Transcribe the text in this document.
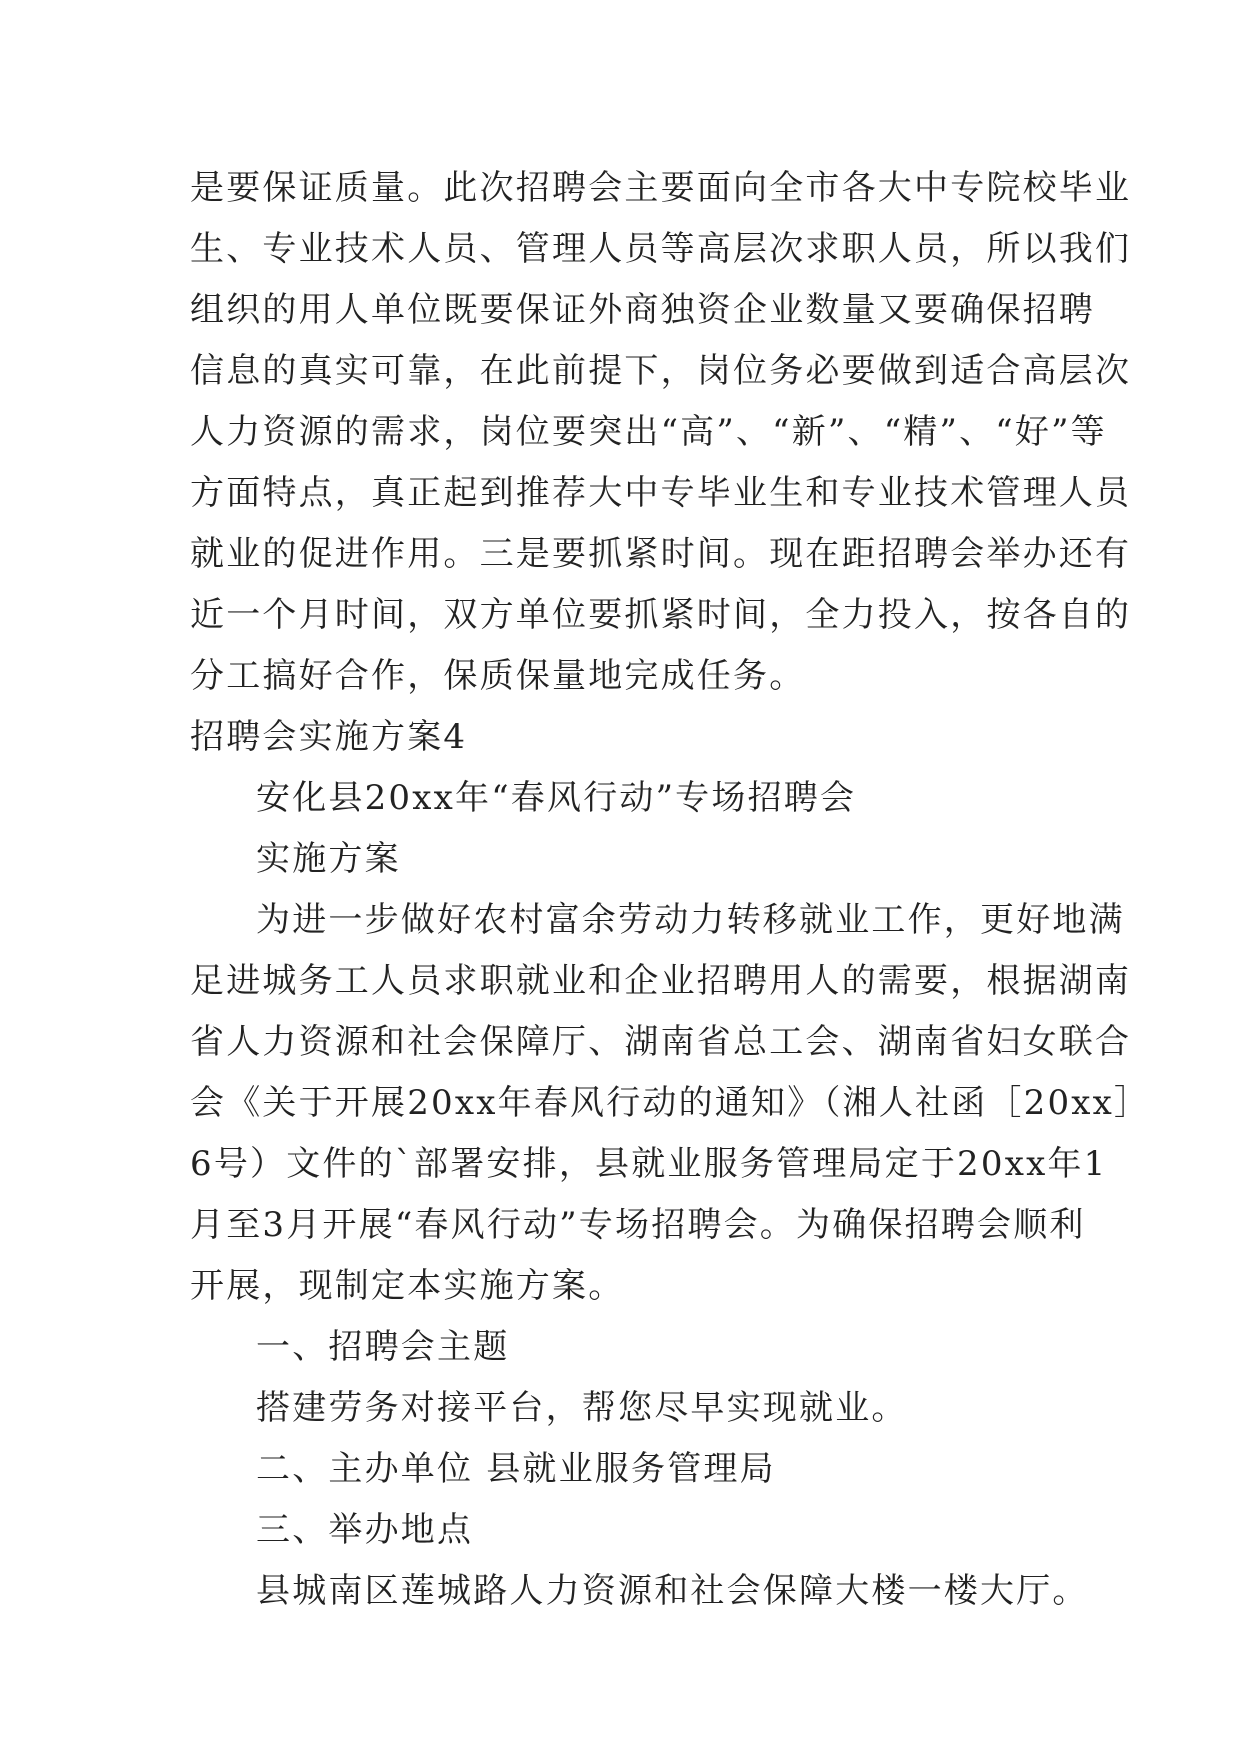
是要保证质量。此次招聘会主要面向全市各大中专院校毕业
生、专业技术人员、管理人员等高层次求职人员，所以我们
组织的用人单位既要保证外商独资企业数量又要确保招聘
信息的真实可靠，在此前提下，岗位务必要做到适合高层次
人力资源的需求，岗位要突出“高”、“新”、“精”、“好”等
方面特点，真正起到推荐大中专毕业生和专业技术管理人员
就业的促进作用。三是要抓紧时间。现在距招聘会举办还有
近一个月时间，双方单位要抓紧时间，全力投入，按各自的
分工搞好合作，保质保量地完成任务。
招聘会实施方案4
安化县20xx年“春风行动”专场招聘会
实施方案
为进一步做好农村富余劳动力转移就业工作，更好地满
足进城务工人员求职就业和企业招聘用人的需要，根据湖南
省人力资源和社会保障厅、湖南省总工会、湖南省妇女联合
会《关于开展20xx年春风行动的通知》（湘人社函［20xx］
6号）文件的`部署安排，县就业服务管理局定于20xx年1
月至3月开展“春风行动”专场招聘会。为确保招聘会顺利
开展，现制定本实施方案。
一、招聘会主题
搭建劳务对接平台，帮您尽早实现就业。
二、主办单位 县就业服务管理局
三、举办地点
县城南区莲城路人力资源和社会保障大楼一楼大厅。
